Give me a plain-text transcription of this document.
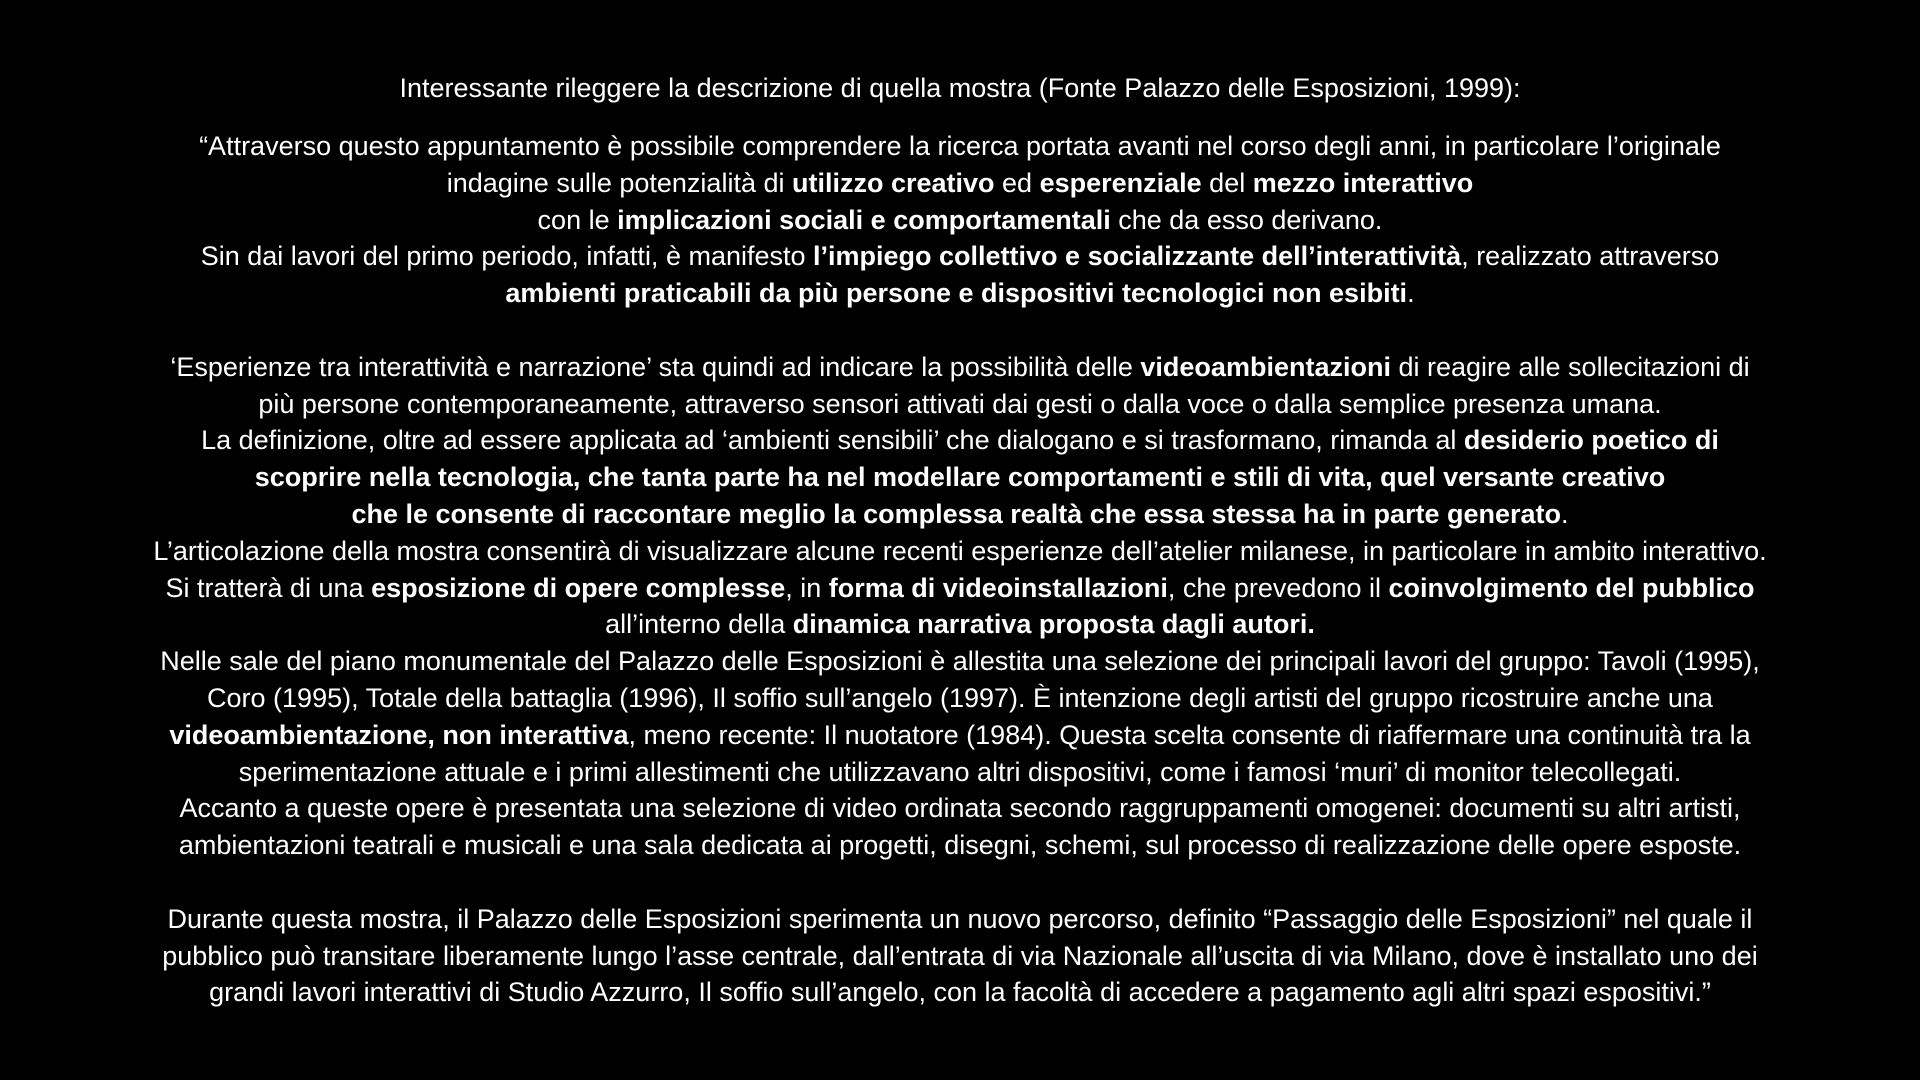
Interessante rileggere la descrizione di quella mostra (Fonte Palazzo delle Esposizioni, 1999):

“Attraverso questo appuntamento è possibile comprendere la ricerca portata avanti nel corso degli anni, in particolare l’originale
indagine sulle potenzialità di utilizzo creativo ed esperenziale del mezzo interattivo
con le implicazioni sociali e comportamentali che da esso derivano.
Sin dai lavori del primo periodo, infatti, è manifesto l’impiego collettivo e socializzante dell’interattività, realizzato attraverso
ambienti praticabili da più persone e dispositivi tecnologici non esibiti.
‘Esperienze tra interattività e narrazione’ sta quindi ad indicare la possibilità delle videoambientazioni di reagire alle sollecitazioni di
più persone contemporaneamente, attraverso sensori attivati dai gesti o dalla voce o dalla semplice presenza umana.
La definizione, oltre ad essere applicata ad ‘ambienti sensibili’ che dialogano e si trasformano, rimanda al desiderio poetico di
scoprire nella tecnologia, che tanta parte ha nel modellare comportamenti e stili di vita, quel versante creativo
che le consente di raccontare meglio la complessa realtà che essa stessa ha in parte generato.
L’articolazione della mostra consentirà di visualizzare alcune recenti esperienze dell’atelier milanese, in particolare in ambito interattivo.
Si tratterà di una esposizione di opere complesse, in forma di videoinstallazioni, che prevedono il coinvolgimento del pubblico
all’interno della dinamica narrativa proposta dagli autori.
Nelle sale del piano monumentale del Palazzo delle Esposizioni è allestita una selezione dei principali lavori del gruppo: Tavoli (1995),
Coro (1995), Totale della battaglia (1996), Il soffio sull’angelo (1997). È intenzione degli artisti del gruppo ricostruire anche una
videoambientazione, non interattiva, meno recente: Il nuotatore (1984). Questa scelta consente di riaffermare una continuità tra la
sperimentazione attuale e i primi allestimenti che utilizzavano altri dispositivi, come i famosi ‘muri’ di monitor telecollegati.
Accanto a queste opere è presentata una selezione di video ordinata secondo raggruppamenti omogenei: documenti su altri artisti,
ambientazioni teatrali e musicali e una sala dedicata ai progetti, disegni, schemi, sul processo di realizzazione delle opere esposte.
Durante questa mostra, il Palazzo delle Esposizioni sperimenta un nuovo percorso, definito “Passaggio delle Esposizioni” nel quale il
pubblico può transitare liberamente lungo l’asse centrale, dall’entrata di via Nazionale all’uscita di via Milano, dove è installato uno dei
grandi lavori interattivi di Studio Azzurro, Il soffio sull’angelo, con la facoltà di accedere a pagamento agli altri spazi espositivi.”
